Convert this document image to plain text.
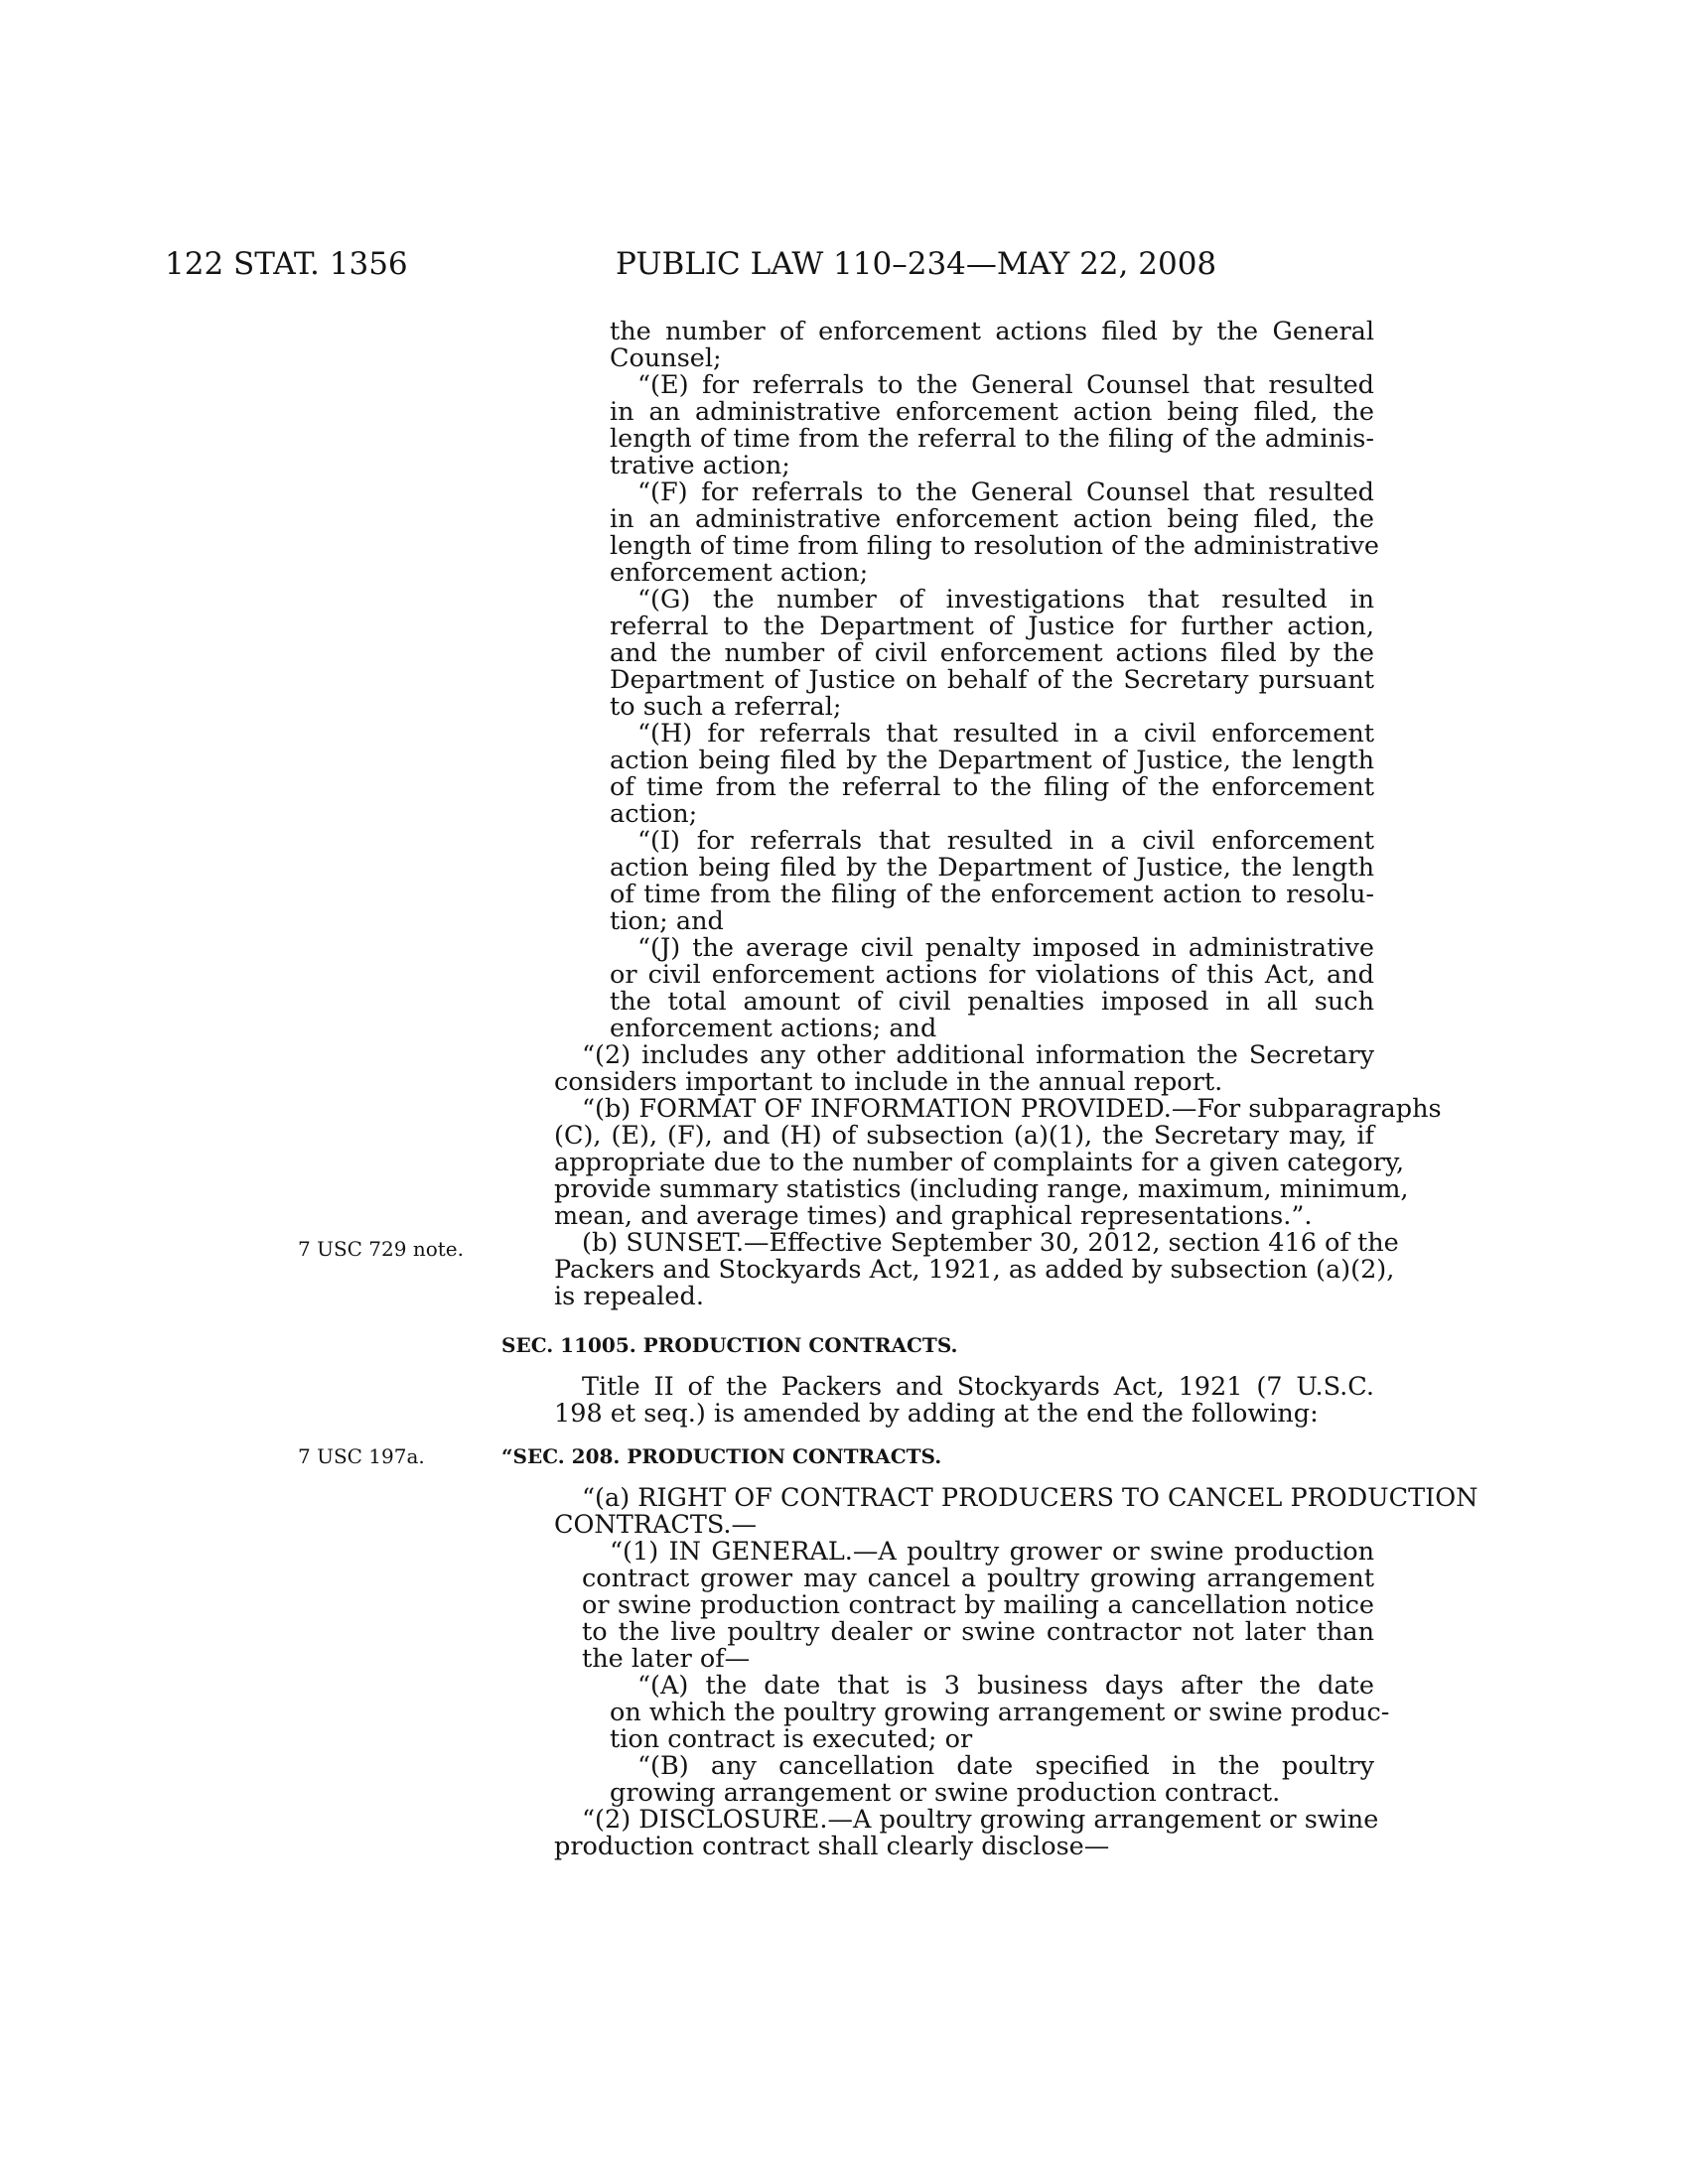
122 STAT. 1356	PUBLIC LAW 110–234—MAY 22, 2008
the number of enforcement actions filed by the General
Counsel;
“(E) for referrals to the General Counsel that resulted
in an administrative enforcement action being filed, the
length of time from the referral to the filing of the adminis-
trative action;
“(F) for referrals to the General Counsel that resulted
in an administrative enforcement action being filed, the
length of time from filing to resolution of the administrative
enforcement action;
“(G) the number of investigations that resulted in
referral to the Department of Justice for further action,
and the number of civil enforcement actions filed by the
Department of Justice on behalf of the Secretary pursuant
to such a referral;
“(H) for referrals that resulted in a civil enforcement
action being filed by the Department of Justice, the length
of time from the referral to the filing of the enforcement
action;
“(I) for referrals that resulted in a civil enforcement
action being filed by the Department of Justice, the length
of time from the filing of the enforcement action to resolu-
tion; and
“(J) the average civil penalty imposed in administrative
or civil enforcement actions for violations of this Act, and
the total amount of civil penalties imposed in all such
enforcement actions; and
“(2) includes any other additional information the Secretary
considers important to include in the annual report.
“(b) FORMAT OF INFORMATION PROVIDED.—For subparagraphs
(C), (E), (F), and (H) of subsection (a)(1), the Secretary may, if
appropriate due to the number of complaints for a given category,
provide summary statistics (including range, maximum, minimum,
mean, and average times) and graphical representations.”.
7 USC 729 note.	(b) SUNSET.—Effective September 30, 2012, section 416 of the
Packers and Stockyards Act, 1921, as added by subsection (a)(2),
is repealed.
SEC. 11005. PRODUCTION CONTRACTS.
Title II of the Packers and Stockyards Act, 1921 (7 U.S.C.
198 et seq.) is amended by adding at the end the following:
7 USC 197a.	“SEC. 208. PRODUCTION CONTRACTS.
“(a) RIGHT OF CONTRACT PRODUCERS TO CANCEL PRODUCTION
CONTRACTS.—
“(1) IN GENERAL.—A poultry grower or swine production
contract grower may cancel a poultry growing arrangement
or swine production contract by mailing a cancellation notice
to the live poultry dealer or swine contractor not later than
the later of—
“(A) the date that is 3 business days after the date
on which the poultry growing arrangement or swine produc-
tion contract is executed; or
“(B) any cancellation date specified in the poultry
growing arrangement or swine production contract.
“(2) DISCLOSURE.—A poultry growing arrangement or swine
production contract shall clearly disclose—
